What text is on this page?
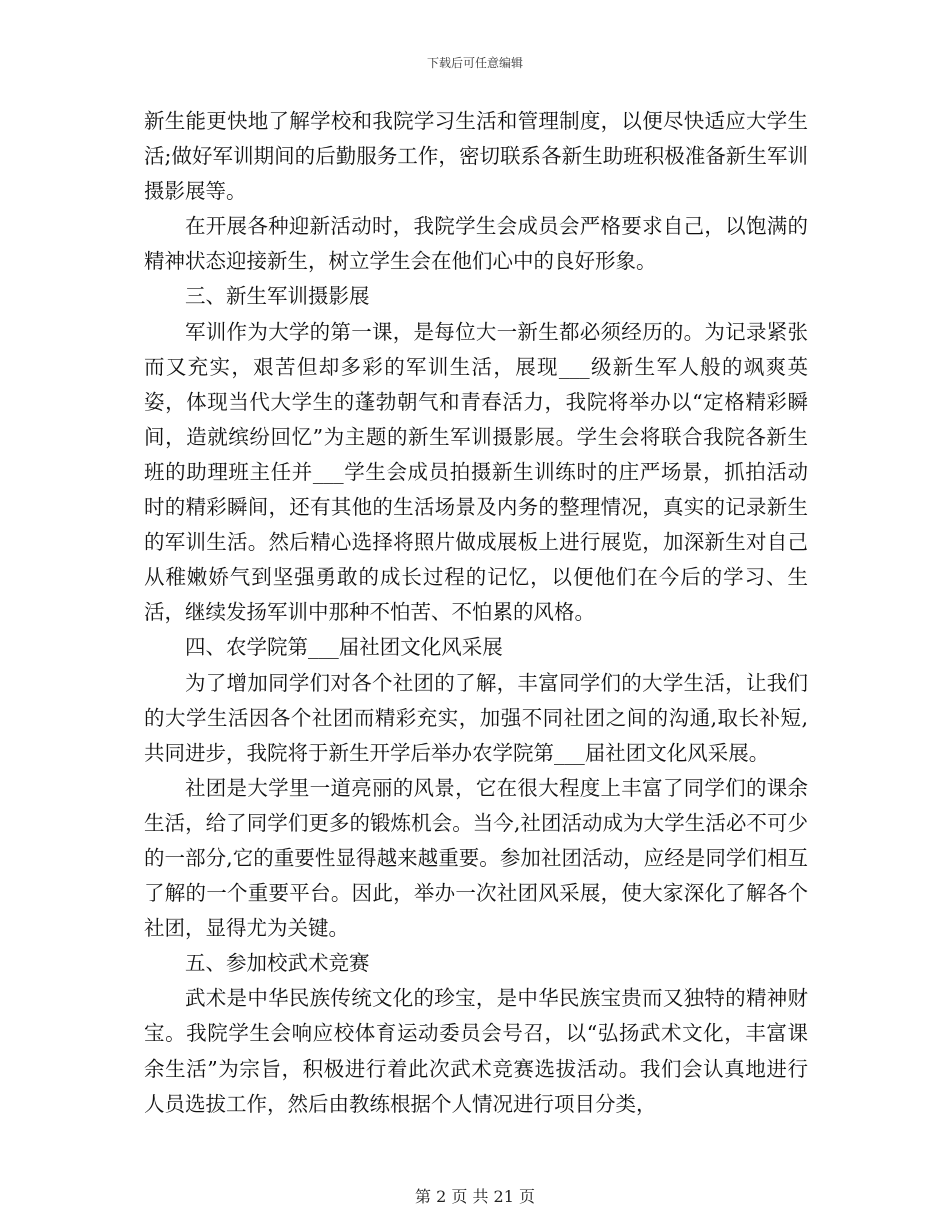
下载后可任意编辑

新生能更快地了解学校和我院学习生活和管理制度，以便尽快适应大学生活;做好军训期间的后勤服务工作，密切联系各新生助班积极准备新生军训摄影展等。

在开展各种迎新活动时，我院学生会成员会严格要求自己，以饱满的精神状态迎接新生，树立学生会在他们心中的良好形象。

三、新生军训摄影展

军训作为大学的第一课，是每位大一新生都必须经历的。为记录紧张而又充实，艰苦但却多彩的军训生活，展现___级新生军人般的飒爽英姿，体现当代大学生的蓬勃朝气和青春活力，我院将举办以“定格精彩瞬间，造就缤纷回忆”为主题的新生军训摄影展。学生会将联合我院各新生班的助理班主任并___学生会成员拍摄新生训练时的庄严场景，抓拍活动时的精彩瞬间，还有其他的生活场景及内务的整理情况，真实的记录新生的军训生活。然后精心选择将照片做成展板上进行展览，加深新生对自己从稚嫩娇气到坚强勇敢的成长过程的记忆，以便他们在今后的学习、生活，继续发扬军训中那种不怕苦、不怕累的风格。

四、农学院第___届社团文化风采展

为了增加同学们对各个社团的了解，丰富同学们的大学生活，让我们的大学生活因各个社团而精彩充实，加强不同社团之间的沟通,取长补短,共同进步，我院将于新生开学后举办农学院第___届社团文化风采展。

社团是大学里一道亮丽的风景，它在很大程度上丰富了同学们的课余生活，给了同学们更多的锻炼机会。当今,社团活动成为大学生活必不可少的一部分,它的重要性显得越来越重要。参加社团活动，应经是同学们相互了解的一个重要平台。因此，举办一次社团风采展，使大家深化了解各个社团，显得尤为关键。

五、参加校武术竞赛

武术是中华民族传统文化的珍宝，是中华民族宝贵而又独特的精神财宝。我院学生会响应校体育运动委员会号召，以“弘扬武术文化，丰富课余生活”为宗旨，积极进行着此次武术竞赛选拔活动。我们会认真地进行人员选拔工作，然后由教练根据个人情况进行项目分类，

第 2 页 共 21 页
